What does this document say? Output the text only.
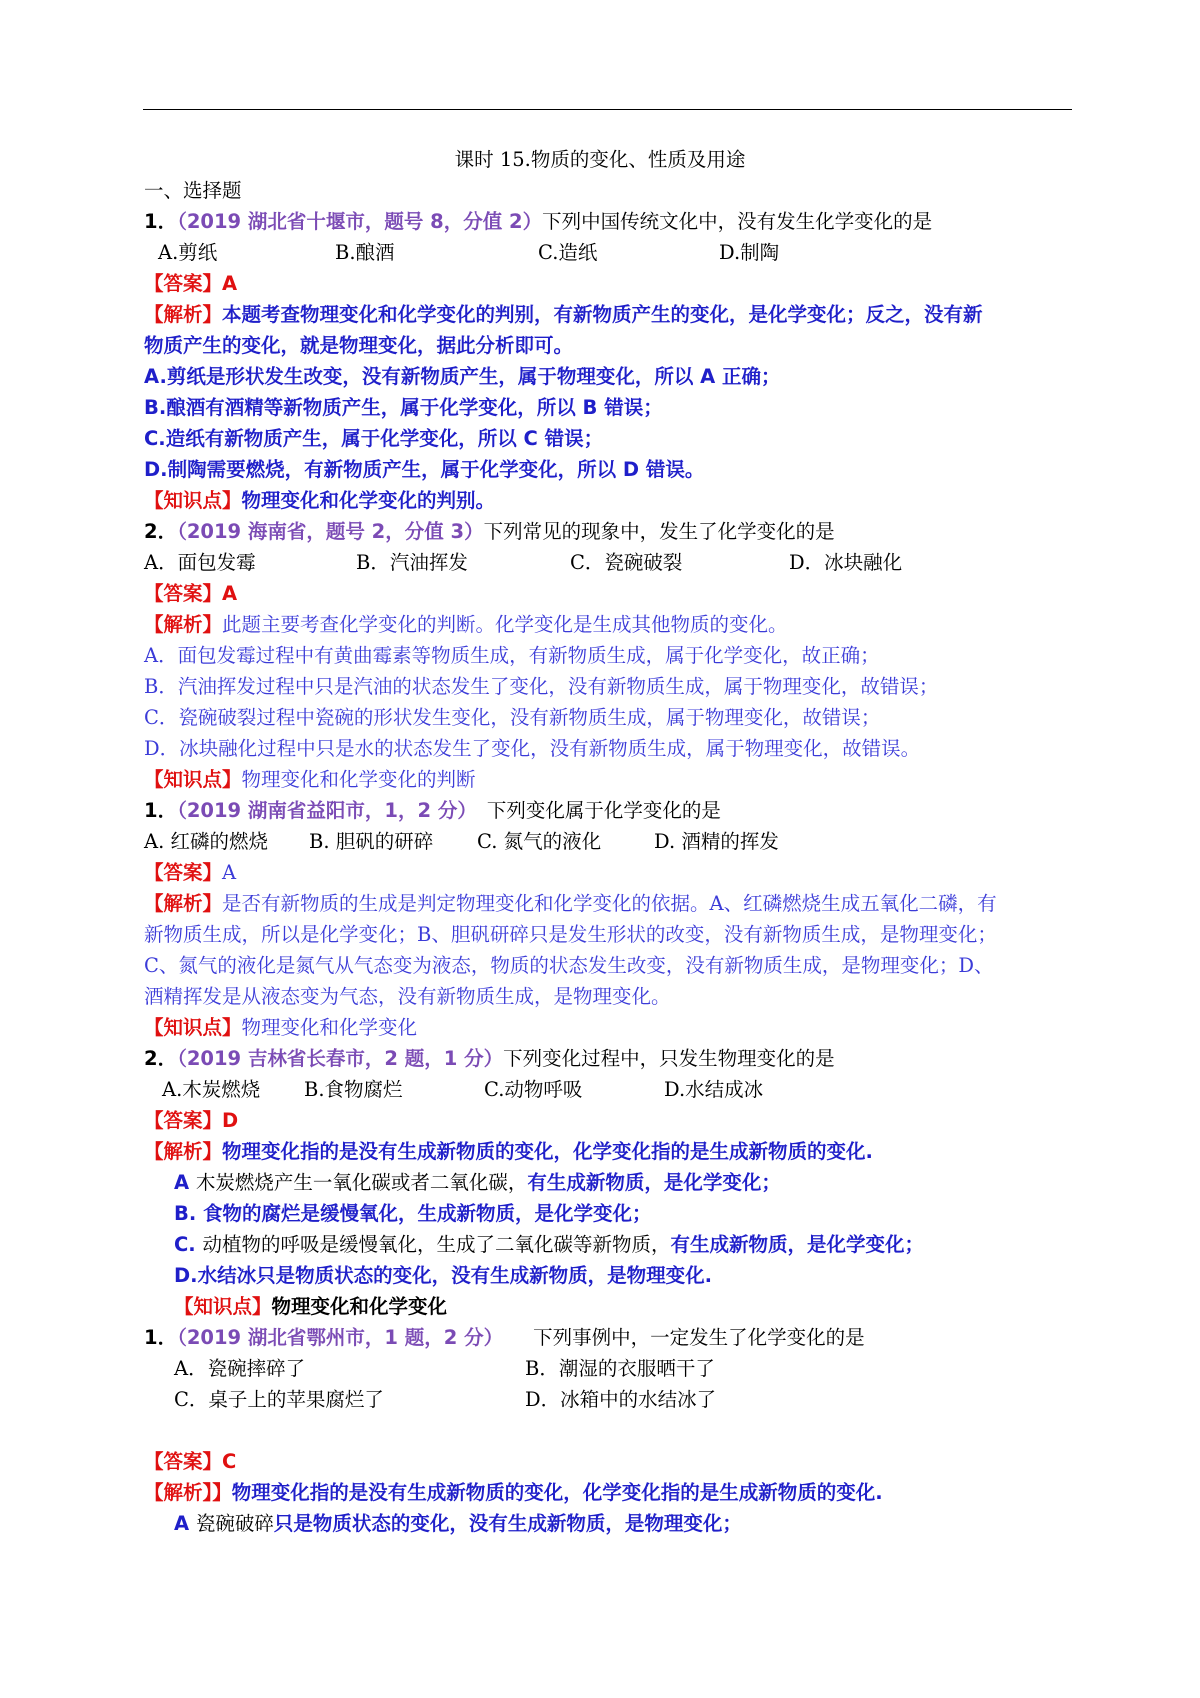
课时 15.物质的变化、性质及用途
一、选择题
1．（2019 湖北省十堰市，题号 8，分值 2）下列中国传统文化中，没有发生化学变化的是
A.剪纸	B.酿酒	C.造纸	D.制陶
【答案】A
【解析】本题考查物理变化和化学变化的判别，有新物质产生的变化，是化学变化；反之，没有新
物质产生的变化，就是物理变化，据此分析即可。
A.剪纸是形状发生改变，没有新物质产生，属于物理变化，所以 A 正确；
B.酿酒有酒精等新物质产生，属于化学变化，所以 B 错误；
C.造纸有新物质产生，属于化学变化，所以 C 错误；
D.制陶需要燃烧，有新物质产生，属于化学变化，所以 D 错误。
【知识点】物理变化和化学变化的判别。
2．（2019 海南省，题号 2，分值 3）下列常见的现象中，发生了化学变化的是
A．面包发霉	B．汽油挥发	C．瓷碗破裂	D．冰块融化
【答案】A
【解析】此题主要考查化学变化的判断。化学变化是生成其他物质的变化。
A．面包发霉过程中有黄曲霉素等物质生成，有新物质生成，属于化学变化，故正确；
B．汽油挥发过程中只是汽油的状态发生了变化，没有新物质生成，属于物理变化，故错误；
C．瓷碗破裂过程中瓷碗的形状发生变化，没有新物质生成，属于物理变化，故错误；
D．冰块融化过程中只是水的状态发生了变化，没有新物质生成，属于物理变化，故错误。
【知识点】物理变化和化学变化的判断
1．（2019 湖南省益阳市，1，2 分） 下列变化属于化学变化的是
A. 红磷的燃烧 B. 胆矾的研碎 C. 氮气的液化	D. 酒精的挥发
【答案】A
【解析】是否有新物质的生成是判定物理变化和化学变化的依据。A、红磷燃烧生成五氧化二磷，有
新物质生成，所以是化学变化；B、胆矾研碎只是发生形状的改变，没有新物质生成，是物理变化；
C、氮气的液化是氮气从气态变为液态，物质的状态发生改变，没有新物质生成，是物理变化；D、
酒精挥发是从液态变为气态，没有新物质生成，是物理变化。
【知识点】物理变化和化学变化
2．（2019 吉林省长春市，2 题，1 分）下列变化过程中，只发生物理变化的是
A.木炭燃烧 B.食物腐烂	C.动物呼吸	D.水结成冰
【答案】D
【解析】物理变化指的是没有生成新物质的变化，化学变化指的是生成新物质的变化.
A 木炭燃烧产生一氧化碳或者二氧化碳，有生成新物质，是化学变化；
B. 食物的腐烂是缓慢氧化，生成新物质，是化学变化；
C. 动植物的呼吸是缓慢氧化，生成了二氧化碳等新物质，有生成新物质，是化学变化；
D.水结冰只是物质状态的变化，没有生成新物质，是物理变化.
【知识点】物理变化和化学变化
1．（2019 湖北省鄂州市，1 题，2 分） 下列事例中，一定发生了化学变化的是
A．瓷碗摔碎了	B．潮湿的衣服晒干了
C．桌子上的苹果腐烂了	D．冰箱中的水结冰了
【答案】C
【解析】】物理变化指的是没有生成新物质的变化，化学变化指的是生成新物质的变化.
A 瓷碗破碎只是物质状态的变化，没有生成新物质，是物理变化；
